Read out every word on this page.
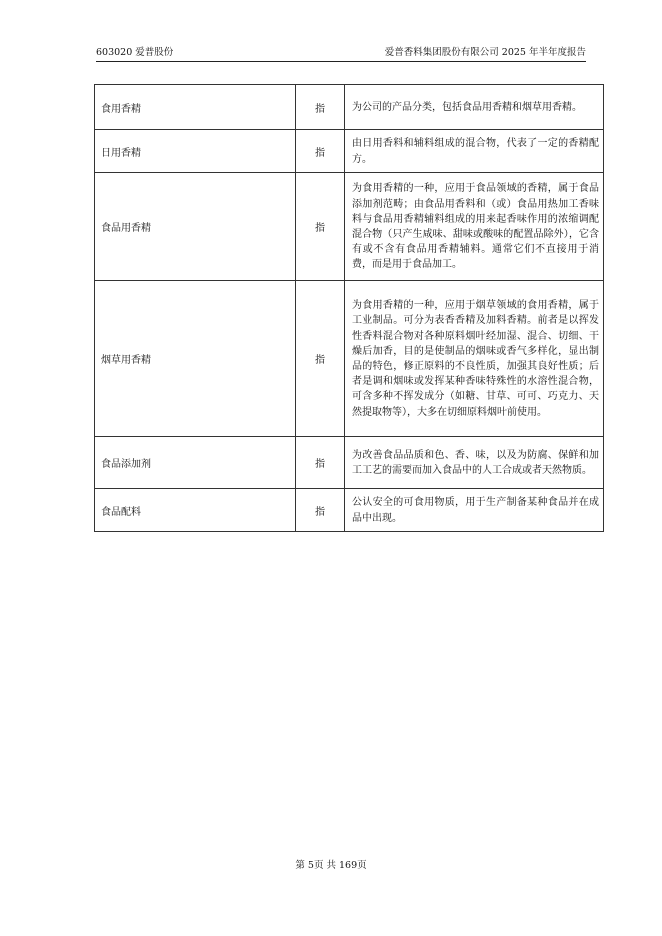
603020 爱普股份	爱普香料集团股份有限公司 2025 年半年度报告
食用香精	指	为公司的产品分类，包括食品用香精和烟草用香精。
日用香精	指	由日用香料和辅料组成的混合物，代表了一定的香精配方。
食品用香精	指	为食用香精的一种，应用于食品领域的香精，属于食品添加剂范畴；由食品用香料和（或）食品用热加工香味料与食品用香精辅料组成的用来起香味作用的浓缩调配混合物（只产生咸味、甜味或酸味的配置品除外），它含有或不含有食品用香精辅料。通常它们不直接用于消费，而是用于食品加工。
烟草用香精	指	为食用香精的一种，应用于烟草领域的食用香精，属于工业制品。可分为表香香精及加料香精。前者是以挥发性香料混合物对各种原料烟叶经加湿、混合、切细、干燥后加香，目的是使制品的烟味或香气多样化，显出制品的特色，修正原料的不良性质，加强其良好性质；后者是调和烟味或发挥某种香味特殊性的水溶性混合物，可含多种不挥发成分（如糖、甘草、可可、巧克力、天然提取物等），大多在切细原料烟叶前使用。
食品添加剂	指	为改善食品品质和色、香、味，以及为防腐、保鲜和加工工艺的需要而加入食品中的人工合成或者天然物质。
食品配料	指	公认安全的可食用物质，用于生产制备某种食品并在成品中出现。
第 5页 共 169页
